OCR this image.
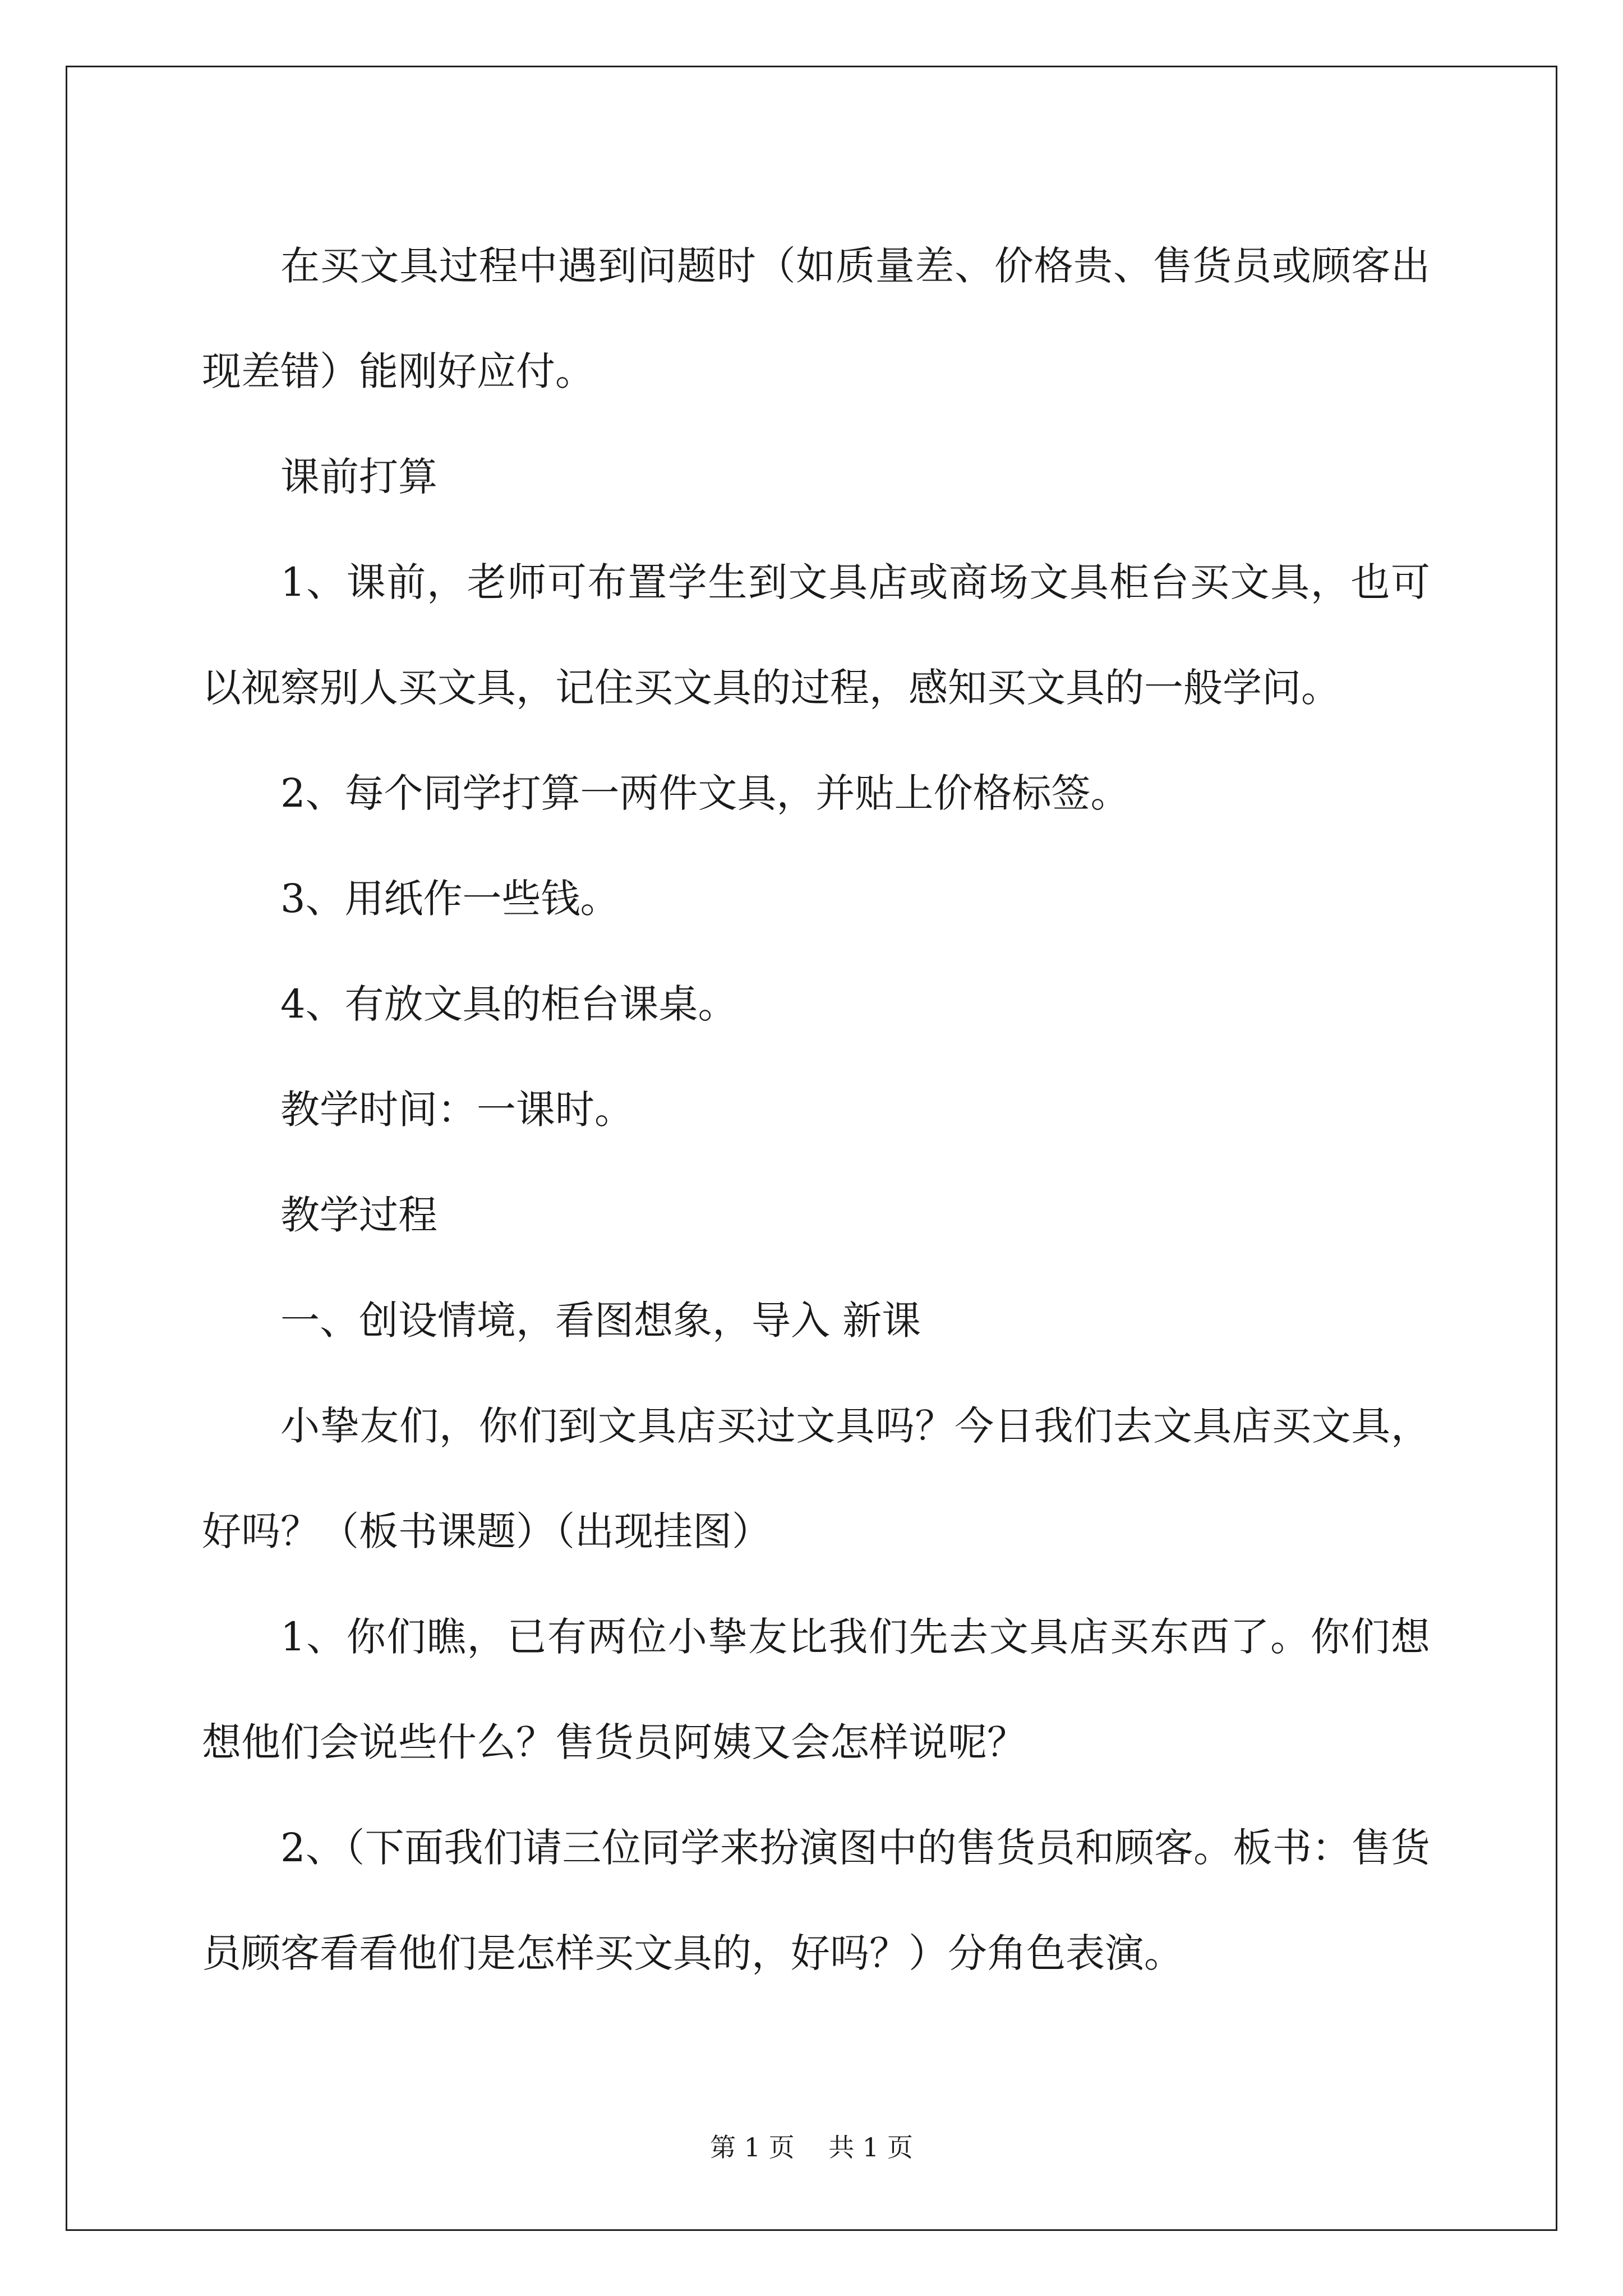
在买文具过程中遇到问题时（如质量差、价格贵、售货员或顾客出现差错）能刚好应付。

课前打算

1、课前，老师可布置学生到文具店或商场文具柜台买文具，也可以视察别人买文具，记住买文具的过程，感知买文具的一般学问。

2、每个同学打算一两件文具，并贴上价格标签。

3、用纸作一些钱。

4、有放文具的柜台课桌。

教学时间：一课时。

教学过程

一、创设情境，看图想象，导入 新课

小挚友们，你们到文具店买过文具吗？今日我们去文具店买文具，好吗？（板书课题）（出现挂图）

1、你们瞧，已有两位小挚友比我们先去文具店买东西了。你们想想他们会说些什么？售货员阿姨又会怎样说呢？

2、（下面我们请三位同学来扮演图中的售货员和顾客。板书：售货员顾客看看他们是怎样买文具的，好吗？）分角色表演。

第 1 页　 共 1 页
